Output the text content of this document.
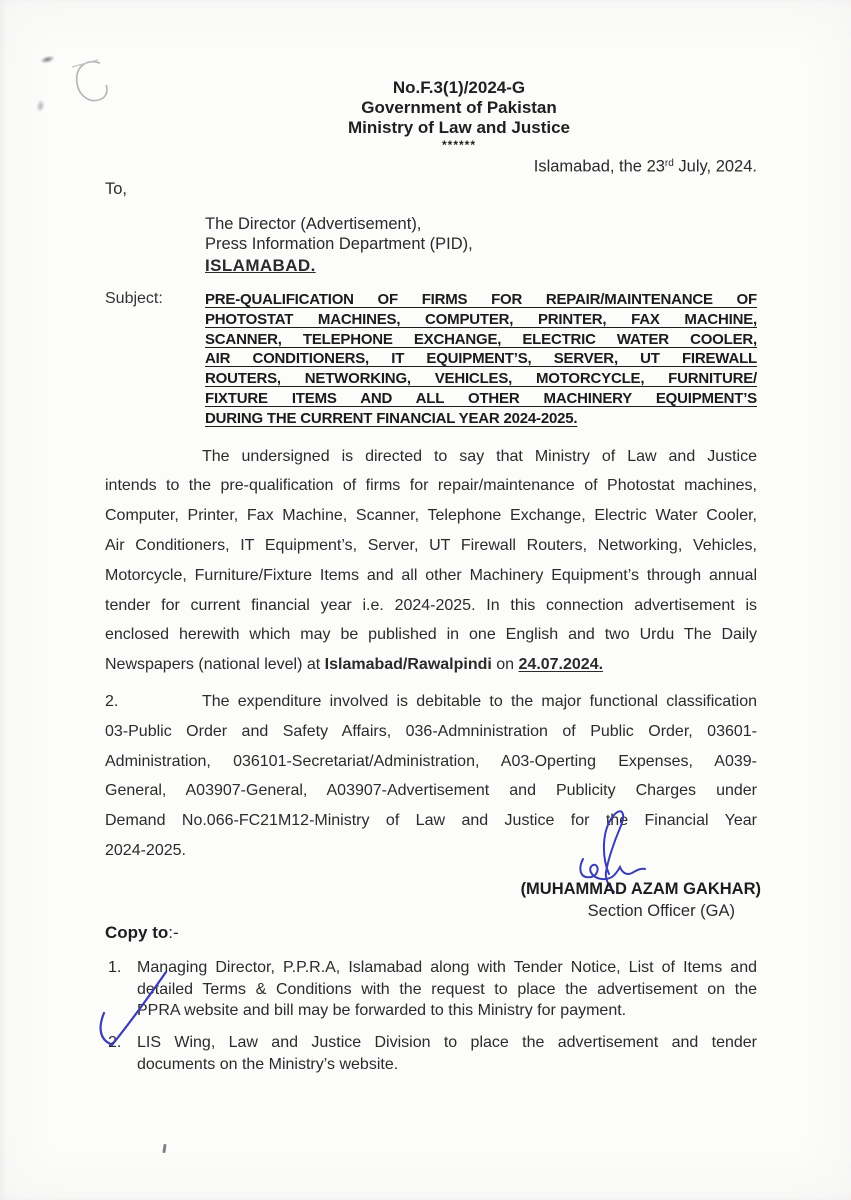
No.F.3(1)/2024-G
Government of Pakistan
Ministry of Law and Justice
******
Islamabad, the 23rd July, 2024.
To,
The Director (Advertisement),
Press Information Department (PID),
ISLAMABAD.
Subject:	PRE-QUALIFICATION OF FIRMS FOR REPAIR/MAINTENANCE OF
PHOTOSTAT MACHINES, COMPUTER, PRINTER, FAX MACHINE,
SCANNER, TELEPHONE EXCHANGE, ELECTRIC WATER COOLER,
AIR CONDITIONERS, IT EQUIPMENT’S, SERVER, UT FIREWALL
ROUTERS, NETWORKING, VEHICLES, MOTORCYCLE, FURNITURE/
FIXTURE ITEMS AND ALL OTHER MACHINERY EQUIPMENT’S
DURING THE CURRENT FINANCIAL YEAR 2024-2025.
The undersigned is directed to say that Ministry of Law and Justice
intends to the pre-qualification of firms for repair/maintenance of Photostat machines,
Computer, Printer, Fax Machine, Scanner, Telephone Exchange, Electric Water Cooler,
Air Conditioners, IT Equipment’s, Server, UT Firewall Routers, Networking, Vehicles,
Motorcycle, Furniture/Fixture Items and all other Machinery Equipment’s through annual
tender for current financial year i.e. 2024-2025. In this connection advertisement is
enclosed herewith which may be published in one English and two Urdu The Daily
Newspapers (national level) at Islamabad/Rawalpindi on 24.07.2024.
2.	The expenditure involved is debitable to the major functional classification
03-Public Order and Safety Affairs, 036-Admninistration of Public Order, 03601-
Administration, 036101-Secretariat/Administration, A03-Operting Expenses, A039-
General, A03907-General, A03907-Advertisement and Publicity Charges under
Demand No.066-FC21M12-Ministry of Law and Justice for the Financial Year
2024-2025.
Copy to:-
1. Managing Director, P.P.R.A, Islamabad along with Tender Notice, List of Items and
detailed Terms & Conditions with the request to place the advertisement on the
PPRA website and bill may be forwarded to this Ministry for payment.
2. LIS Wing, Law and Justice Division to place the advertisement and tender
documents on the Ministry’s website.
(MUHAMMAD AZAM GAKHAR)
Section Officer (GA)
